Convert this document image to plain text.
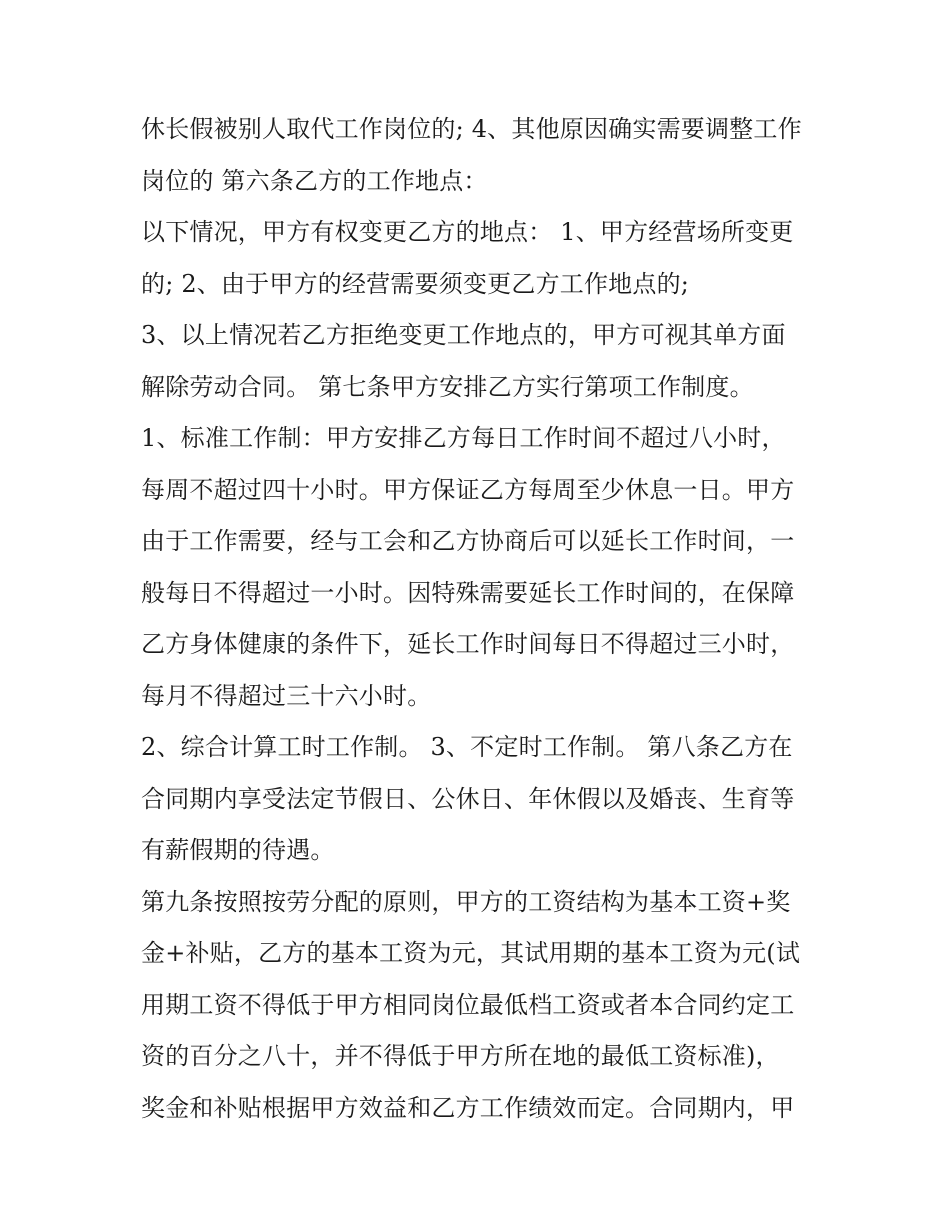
休长假被别人取代工作岗位的; 4、其他原因确实需要调整工作
岗位的 第六条乙方的工作地点：
以下情况，甲方有权变更乙方的地点： 1、甲方经营场所变更
的; 2、由于甲方的经营需要须变更乙方工作地点的;
3、以上情况若乙方拒绝变更工作地点的，甲方可视其单方面
解除劳动合同。 第七条甲方安排乙方实行第项工作制度。
1、标准工作制：甲方安排乙方每日工作时间不超过八小时，
每周不超过四十小时。甲方保证乙方每周至少休息一日。甲方
由于工作需要，经与工会和乙方协商后可以延长工作时间，一
般每日不得超过一小时。因特殊需要延长工作时间的，在保障
乙方身体健康的条件下，延长工作时间每日不得超过三小时，
每月不得超过三十六小时。
2、综合计算工时工作制。 3、不定时工作制。 第八条乙方在
合同期内享受法定节假日、公休日、年休假以及婚丧、生育等
有薪假期的待遇。
第九条按照按劳分配的原则，甲方的工资结构为基本工资+奖
金+补贴，乙方的基本工资为元，其试用期的基本工资为元(试
用期工资不得低于甲方相同岗位最低档工资或者本合同约定工
资的百分之八十，并不得低于甲方所在地的最低工资标准)，
奖金和补贴根据甲方效益和乙方工作绩效而定。合同期内，甲
